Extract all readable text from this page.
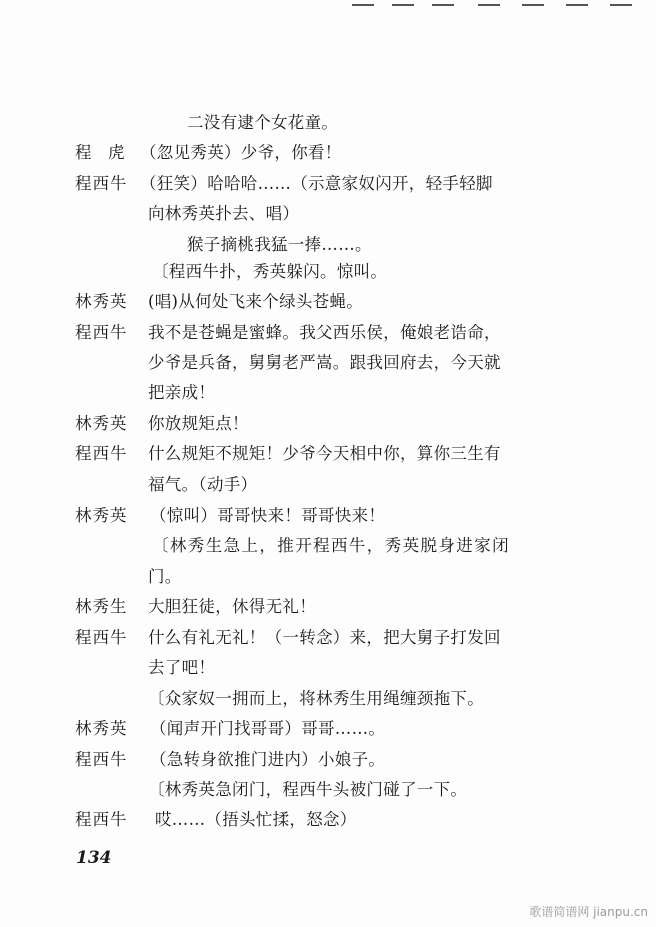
二没有逮个女花童。
程　虎 （忽见秀英）少爷，你看！
程西牛 （狂笑）哈哈哈……（示意家奴闪开，轻手轻脚
向林秀英扑去、唱）
猴子摘桃我猛一捧……。
〔程西牛扑，秀英躲闪。惊叫。
林秀英 (唱)从何处飞来个绿头苍蝇。
程西牛 我不是苍蝇是蜜蜂。我父西乐侯，俺娘老诰命，
少爷是兵备，舅舅老严嵩。跟我回府去，今天就
把亲成！
林秀英 你放规矩点！
程西牛 什么规矩不规矩！少爷今天相中你，算你三生有
福气。（动手）
林秀英 （惊叫）哥哥快来！哥哥快来！
〔林秀生急上，推开程西牛，秀英脱身进家闭
门。
林秀生 大胆狂徒，休得无礼！
程西牛 什么有礼无礼！（一转念）来，把大舅子打发回
去了吧！
〔众家奴一拥而上，将林秀生用绳缠颈拖下。
林秀英 （闻声开门找哥哥）哥哥……。
程西牛 （急转身欲推门进内）小娘子。
〔林秀英急闭门，程西牛头被门碰了一下。
程西牛 哎……（捂头忙揉，怒念）
134
歌谱简谱网 jianpu.cn
